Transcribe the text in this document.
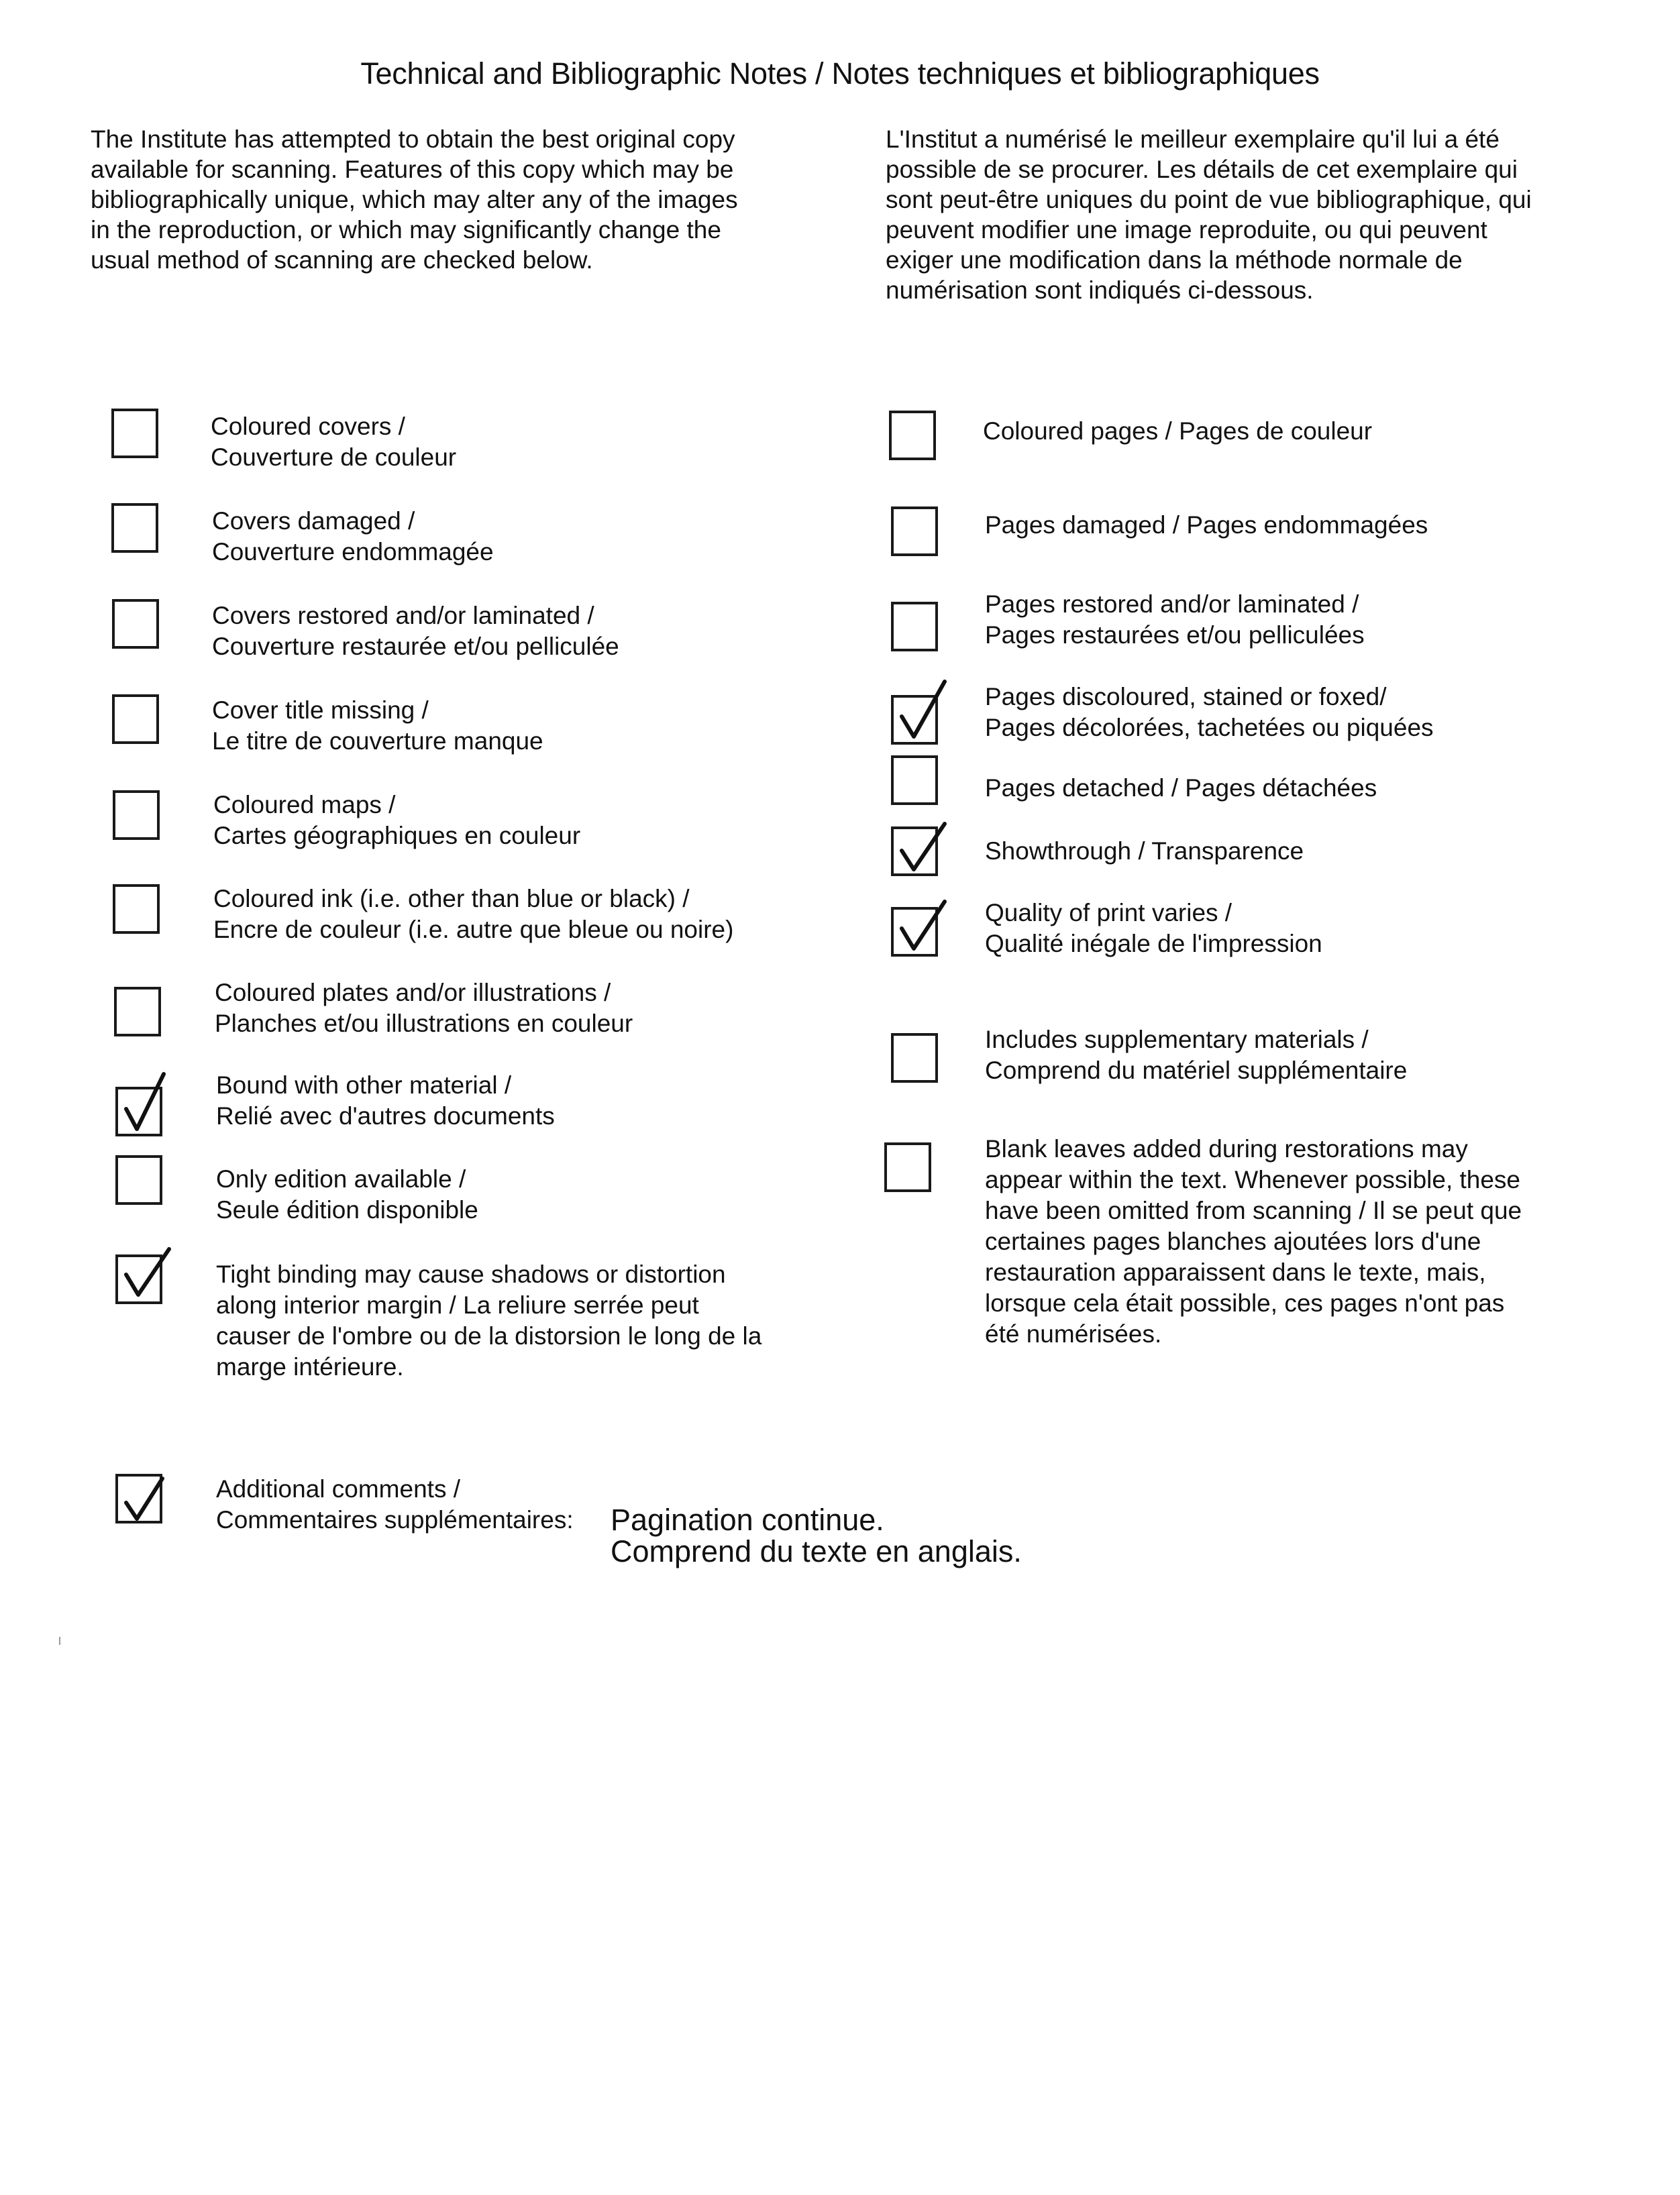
Technical and Bibliographic Notes / Notes techniques et bibliographiques
The Institute has attempted to obtain the best original copy
available for scanning. Features of this copy which may be
bibliographically unique, which may alter any of the images
in the reproduction, or which may significantly change the
usual method of scanning are checked below.
L'Institut a numérisé le meilleur exemplaire qu'il lui a été
possible de se procurer. Les détails de cet exemplaire qui
sont peut-être uniques du point de vue bibliographique, qui
peuvent modifier une image reproduite, ou qui peuvent
exiger une modification dans la méthode normale de
numérisation sont indiqués ci-dessous.
Coloured covers /
Couverture de couleur
Covers damaged /
Couverture endommagée
Covers restored and/or laminated /
Couverture restaurée et/ou pelliculée
Cover title missing /
Le titre de couverture manque
Coloured maps /
Cartes géographiques en couleur
Coloured ink (i.e. other than blue or black) /
Encre de couleur (i.e. autre que bleue ou noire)
Coloured plates and/or illustrations /
Planches et/ou illustrations en couleur
Bound with other material /
Relié avec d'autres documents
Only edition available /
Seule édition disponible
Tight binding may cause shadows or distortion
along interior margin / La reliure serrée peut
causer de l'ombre ou de la distorsion le long de la
marge intérieure.
Coloured pages / Pages de couleur
Pages damaged / Pages endommagées
Pages restored and/or laminated /
Pages restaurées et/ou pelliculées
Pages discoloured, stained or foxed/
Pages décolorées, tachetées ou piquées
Pages detached / Pages détachées
Showthrough / Transparence
Quality of print varies /
Qualité inégale de l'impression
Includes supplementary materials /
Comprend du matériel supplémentaire
Blank leaves added during restorations may
appear within the text. Whenever possible, these
have been omitted from scanning / Il se peut que
certaines pages blanches ajoutées lors d'une
restauration apparaissent dans le texte, mais,
lorsque cela était possible, ces pages n'ont pas
été numérisées.
Additional comments /
Commentaires supplémentaires:	Pagination continue.
Comprend du texte en anglais.
